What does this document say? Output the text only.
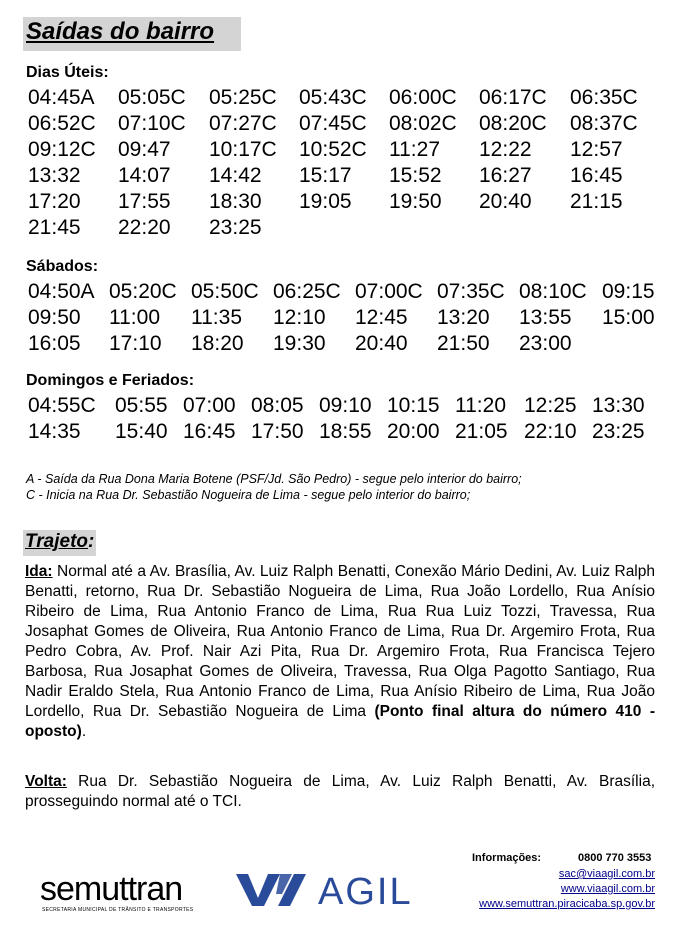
Saídas do bairro
Dias Úteis:
04:45A 05:05C 05:25C 05:43C 06:00C 06:17C 06:35C
06:52C 07:10C 07:27C 07:45C 08:02C 08:20C 08:37C
09:12C 09:47 10:17C 10:52C 11:27 12:22 12:57
13:32 14:07 14:42 15:17 15:52 16:27 16:45
17:20 17:55 18:30 19:05 19:50 20:40 21:15
21:45 22:20 23:25
Sábados:
04:50A 05:20C 05:50C 06:25C 07:00C 07:35C 08:10C 09:15
09:50 11:00 11:35 12:10 12:45 13:20 13:55 15:00
16:05 17:10 18:20 19:30 20:40 21:50 23:00
Domingos e Feriados:
04:55C 05:55 07:00 08:05 09:10 10:15 11:20 12:25 13:30
14:35 15:40 16:45 17:50 18:55 20:00 21:05 22:10 23:25
A - Saída da Rua Dona Maria Botene (PSF/Jd. São Pedro) - segue pelo interior do bairro;
C - Inicia na Rua Dr. Sebastião Nogueira de Lima - segue pelo interior do bairro;
Trajeto:
Ida: Normal até a Av. Brasília, Av. Luiz Ralph Benatti, Conexão Mário Dedini, Av. Luiz Ralph Benatti, retorno, Rua Dr. Sebastião Nogueira de Lima, Rua João Lordello, Rua Anísio Ribeiro de Lima, Rua Antonio Franco de Lima, Rua Rua Luiz Tozzi, Travessa, Rua Josaphat Gomes de Oliveira, Rua Antonio Franco de Lima, Rua Dr. Argemiro Frota, Rua Pedro Cobra, Av. Prof. Nair Azi Pita, Rua Dr. Argemiro Frota, Rua Francisca Tejero Barbosa, Rua Josaphat Gomes de Oliveira, Travessa, Rua Olga Pagotto Santiago, Rua Nadir Eraldo Stela, Rua Antonio Franco de Lima, Rua Anísio Ribeiro de Lima, Rua João Lordello, Rua Dr. Sebastião Nogueira de Lima (Ponto final altura do número 410 - oposto).
Volta: Rua Dr. Sebastião Nogueira de Lima, Av. Luiz Ralph Benatti, Av. Brasília, prosseguindo normal até o TCI.
semuttran
SECRETARIA MUNICIPAL DE TRÂNSITO E TRANSPORTES	AGIL
Informações:	0800 770 3553
sac@viaagil.com.br
www.viaagil.com.br
www.semuttran.piracicaba.sp.gov.br
